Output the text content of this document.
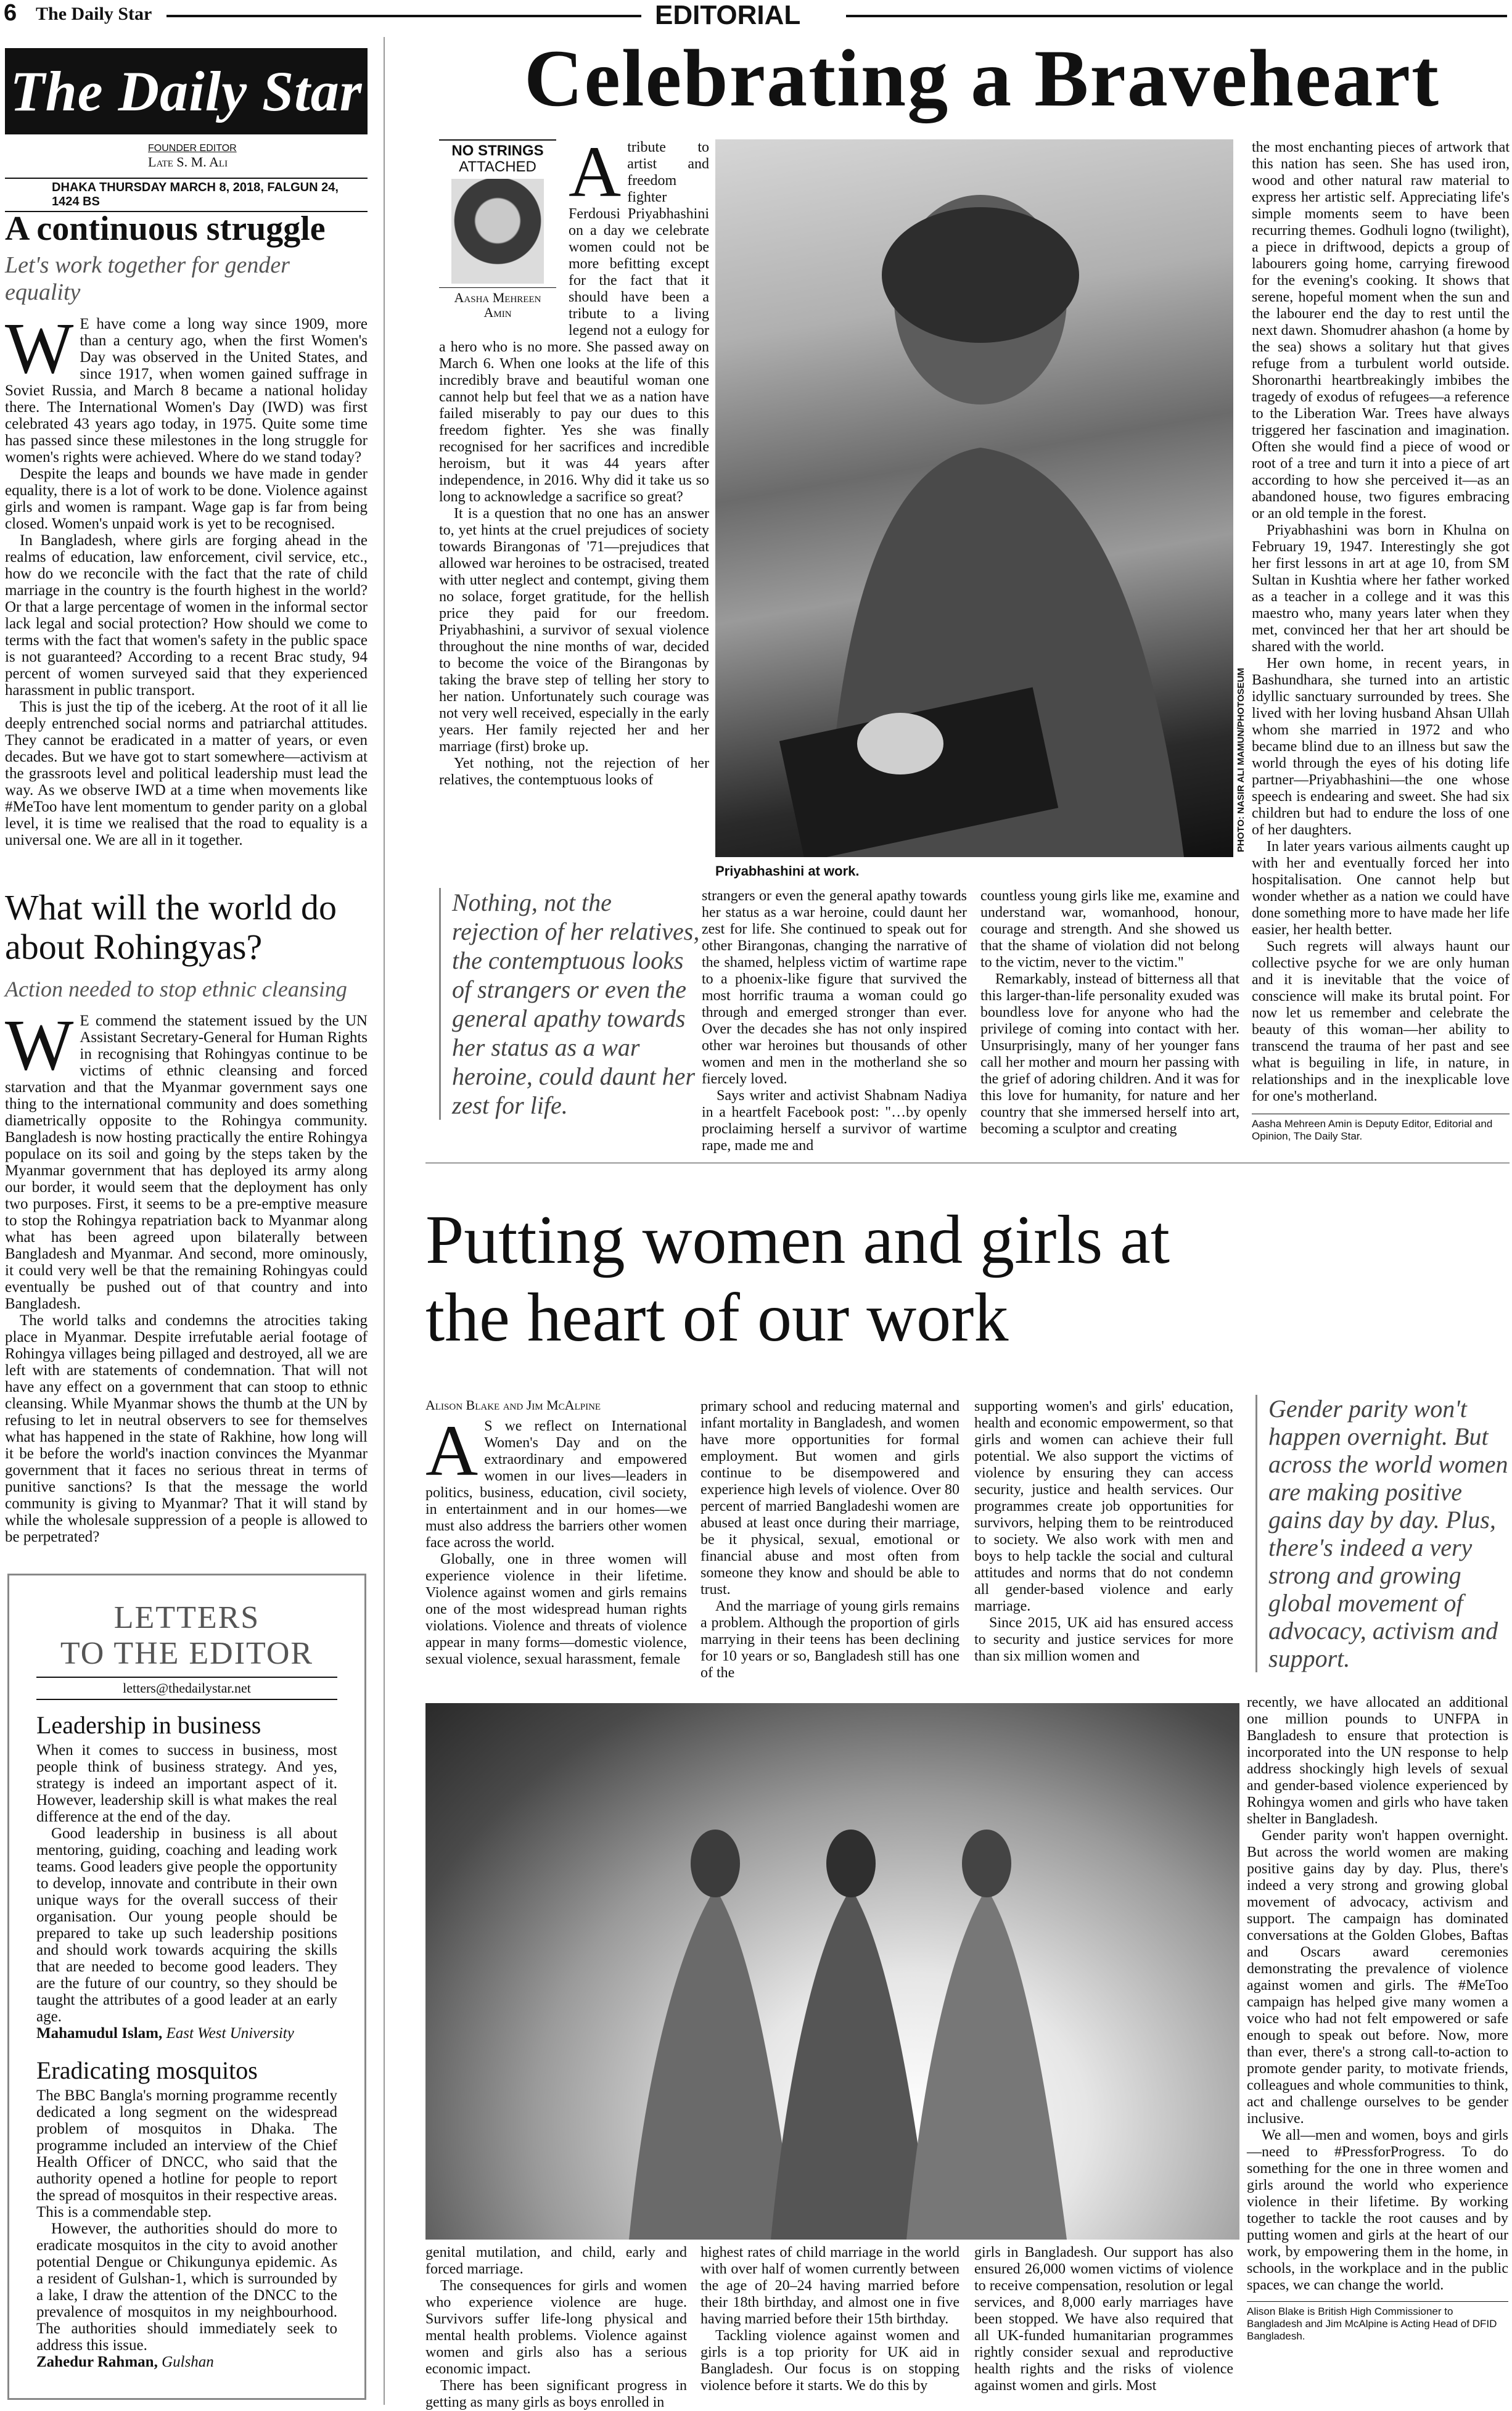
6 The Daily Star	EDITORIAL
The Daily Star
FOUNDER EDITOR
Late S. M. Ali
DHAKA THURSDAY MARCH 8, 2018, FALGUN 24, 1424 BS
A continuous struggle
Let's work together for gender equality

W E have come a long way since 1909, more than a century ago, when the first Women's Day was observed in the United States, and since 1917, when women gained suffrage in Soviet Russia, and March 8 became a national holiday there. The International Women's Day (IWD) was first celebrated 43 years ago today, in 1975. Quite some time has passed since these milestones in the long struggle for women's rights were achieved. Where do we stand today?

Despite the leaps and bounds we have made in gender equality, there is a lot of work to be done. Violence against girls and women is rampant. Wage gap is far from being closed. Women's unpaid work is yet to be recognised.

In Bangladesh, where girls are forging ahead in the realms of education, law enforcement, civil service, etc., how do we reconcile with the fact that the rate of child marriage in the country is the fourth highest in the world? Or that a large percentage of women in the informal sector lack legal and social protection? How should we come to terms with the fact that women's safety in the public space is not guaranteed? According to a recent Brac study, 94 percent of women surveyed said that they experienced harassment in public transport.

This is just the tip of the iceberg. At the root of it all lie deeply entrenched social norms and patriarchal attitudes. They cannot be eradicated in a matter of years, or even decades. But we have got to start somewhere—activism at the grassroots level and political leadership must lead the way. As we observe IWD at a time when movements like #MeToo have lent momentum to gender parity on a global level, it is time we realised that the road to equality is a universal one. We are all in it together.

What will the world do about Rohingyas?
Action needed to stop ethnic cleansing

W E commend the statement issued by the UN Assistant Secretary-General for Human Rights in recognising that Rohingyas continue to be victims of ethnic cleansing and forced starvation and that the Myanmar government says one thing to the international community and does something diametrically opposite to the Rohingya community. Bangladesh is now hosting practically the entire Rohingya populace on its soil and going by the steps taken by the Myanmar government that has deployed its army along our border, it would seem that the deployment has only two purposes. First, it seems to be a pre-emptive measure to stop the Rohingya repatriation back to Myanmar along what has been agreed upon bilaterally between Bangladesh and Myanmar. And second, more ominously, it could very well be that the remaining Rohingyas could eventually be pushed out of that country and into Bangladesh.

The world talks and condemns the atrocities taking place in Myanmar. Despite irrefutable aerial footage of Rohingya villages being pillaged and destroyed, all we are left with are statements of condemnation. That will not have any effect on a government that can stoop to ethnic cleansing. While Myanmar shows the thumb at the UN by refusing to let in neutral observers to see for themselves what has happened in the state of Rakhine, how long will it be before the world's inaction convinces the Myanmar government that it faces no serious threat in terms of punitive sanctions? Is that the message the world community is giving to Myanmar? That it will stand by while the wholesale suppression of a people is allowed to be perpetrated?

LETTERS
TO THE EDITOR
letters@thedailystar.net
Leadership in business

When it comes to success in business, most people think of business strategy. And yes, strategy is indeed an important aspect of it. However, leadership skill is what makes the real difference at the end of the day.

Good leadership in business is all about mentoring, guiding, coaching and leading work teams. Good leaders give people the opportunity to develop, innovate and contribute in their own unique ways for the overall success of their organisation. Our young people should be prepared to take up such leadership positions and should work towards acquiring the skills that are needed to become good leaders. They are the future of our country, so they should be taught the attributes of a good leader at an early age.

Mahamudul Islam, East West University

Eradicating mosquitos

The BBC Bangla's morning programme recently dedicated a long segment on the widespread problem of mosquitos in Dhaka. The programme included an interview of the Chief Health Officer of DNCC, who said that the authority opened a hotline for people to report the spread of mosquitos in their respective areas. This is a commendable step.

However, the authorities should do more to eradicate mosquitos in the city to avoid another potential Dengue or Chikungunya epidemic. As a resident of Gulshan-1, which is surrounded by a lake, I draw the attention of the DNCC to the prevalence of mosquitos in my neighbourhood. The authorities should immediately seek to address this issue.

Zahedur Rahman, Gulshan

Celebrating a Braveheart
NO STRINGS
ATTACHED
Aasha Mehreen
Amin

A tribute to artist and freedom fighter Ferdousi Priyabhashini on a day we celebrate women could not be more befitting except for the fact that it should have been a tribute to a living legend not a eulogy for a hero who is no more. She passed away on March 6. When one looks at the life of this incredibly brave and beautiful woman one cannot help but feel that we as a nation have failed miserably to pay our dues to this freedom fighter. Yes she was finally recognised for her sacrifices and incredible heroism, but it was 44 years after independence, in 2016. Why did it take us so long to acknowledge a sacrifice so great?

It is a question that no one has an answer to, yet hints at the cruel prejudices of society towards Birangonas of '71—prejudices that allowed war heroines to be ostracised, treated with utter neglect and contempt, giving them no solace, forget gratitude, for the hellish price they paid for our freedom. Priyabhashini, a survivor of sexual violence throughout the nine months of war, decided to become the voice of the Birangonas by taking the brave step of telling her story to her nation. Unfortunately such courage was not very well received, especially in the early years. Her family rejected her and her marriage (first) broke up.

Yet nothing, not the rejection of her relatives, the contemptuous looks of	PHOTO: NASIR ALI MAMUN/PHOTOSEUM
Priyabhashini at work.

the most enchanting pieces of artwork that this nation has seen. She has used iron, wood and other natural raw material to express her artistic self. Appreciating life's simple moments seem to have been recurring themes. Godhuli logno (twilight), a piece in driftwood, depicts a group of labourers going home, carrying firewood for the evening's cooking. It shows that serene, hopeful moment when the sun and the labourer end the day to rest until the next dawn. Shomudrer ahashon (a home by the sea) shows a solitary hut that gives refuge from a turbulent world outside. Shoronarthi heartbreakingly imbibes the tragedy of exodus of refugees—a reference to the Liberation War. Trees have always triggered her fascination and imagination. Often she would find a piece of wood or root of a tree and turn it into a piece of art according to how she perceived it—as an abandoned house, two figures embracing or an old temple in the forest.

Priyabhashini was born in Khulna on February 19, 1947. Interestingly she got her first lessons in art at age 10, from SM Sultan in Kushtia where her father worked as a teacher in a college and it was this maestro who, many years later when they met, convinced her that her art should be shared with the world.

Her own home, in recent years, in Bashundhara, she turned into an artistic idyllic sanctuary surrounded by trees. She lived with her loving husband Ahsan Ullah whom she married in 1972 and who became blind due to an illness but saw the world through the eyes of his doting life partner—Priyabhashini—the one whose speech is endearing and sweet. She had six children but had to endure the loss of one of her daughters.

In later years various ailments caught up with her and eventually forced her into hospitalisation. One cannot help but wonder whether as a nation we could have done something more to have made her life easier, her health better.

Such regrets will always haunt our collective psyche for we are only human and it is inevitable that the voice of conscience will make its brutal point. For now let us remember and celebrate the beauty of this woman—her ability to transcend the trauma of her past and see what is beguiling in life, in nature, in relationships and in the inexplicable love for one's motherland.

Aasha Mehreen Amin is Deputy Editor, Editorial and Opinion, The Daily Star.
Nothing, not the rejection of her relatives, the contemptuous looks of strangers or even the general apathy towards her status as a war heroine, could daunt her zest for life.

strangers or even the general apathy towards her status as a war heroine, could daunt her zest for life. She continued to speak out for other Birangonas, changing the narrative of the shamed, helpless victim of wartime rape to a phoenix-like figure that survived the most horrific trauma a woman could go through and emerged stronger than ever. Over the decades she has not only inspired other war heroines but thousands of other women and men in the motherland she so fiercely loved.

Says writer and activist Shabnam Nadiya in a heartfelt Facebook post: "…by openly proclaiming herself a survivor of wartime rape, made me and

countless young girls like me, examine and understand war, womanhood, honour, courage and strength. And she showed us that the shame of violation did not belong to the victim, never to the victim."

Remarkably, instead of bitterness all that this larger-than-life personality exuded was boundless love for anyone who had the privilege of coming into contact with her. Unsurprisingly, many of her younger fans call her mother and mourn her passing with the grief of adoring children. And it was for this love for humanity, for nature and her country that she immersed herself into art, becoming a sculptor and creating

Putting women and girls at
the heart of our work
Alison Blake and Jim McAlpine

A S we reflect on International Women's Day and on the extraordinary and empowered women in our lives—leaders in politics, business, education, civil society, in entertainment and in our homes—we must also address the barriers other women face across the world.

Globally, one in three women will experience violence in their lifetime. Violence against women and girls remains one of the most widespread human rights violations. Violence and threats of violence appear in many forms—domestic violence, sexual violence, sexual harassment, female

primary school and reducing maternal and infant mortality in Bangladesh, and women have more opportunities for formal employment. But women and girls continue to be disempowered and experience high levels of violence. Over 80 percent of married Bangladeshi women are abused at least once during their marriage, be it physical, sexual, emotional or financial abuse and most often from someone they know and should be able to trust.

And the marriage of young girls remains a problem. Although the proportion of girls marrying in their teens has been declining for 10 years or so, Bangladesh still has one of the

supporting women's and girls' education, health and economic empowerment, so that girls and women can achieve their full potential. We also support the victims of violence by ensuring they can access security, justice and health services. Our programmes create job opportunities for survivors, helping them to be reintroduced to society. We also work with men and boys to help tackle the social and cultural attitudes and norms that do not condemn all gender-based violence and early marriage.

Since 2015, UK aid has ensured access to security and justice services for more than six million women and

Gender parity won't happen overnight. But across the world women are making positive gains day by day. Plus, there's indeed a very strong and growing global movement of advocacy, activism and support.

recently, we have allocated an additional one million pounds to UNFPA in Bangladesh to ensure that protection is incorporated into the UN response to help address shockingly high levels of sexual and gender-based violence experienced by Rohingya women and girls who have taken shelter in Bangladesh.

Gender parity won't happen overnight. But across the world women are making positive gains day by day. Plus, there's indeed a very strong and growing global movement of advocacy, activism and support. The campaign has dominated conversations at the Golden Globes, Baftas and Oscars award ceremonies demonstrating the prevalence of violence against women and girls. The #MeToo campaign has helped give many women a voice who had not felt empowered or safe enough to speak out before. Now, more than ever, there's a strong call-to-action to promote gender parity, to motivate friends, colleagues and whole communities to think, act and challenge ourselves to be gender inclusive.

We all—men and women, boys and girls—need to #PressforProgress. To do something for the one in three women and girls around the world who experience violence in their lifetime. By working together to tackle the root causes and by putting women and girls at the heart of our work, by empowering them in the home, in schools, in the workplace and in the public spaces, we can change the world.

Alison Blake is British High Commissioner to Bangladesh and Jim McAlpine is Acting Head of DFID Bangladesh.

genital mutilation, and child, early and forced marriage.

The consequences for girls and women who experience violence are huge. Survivors suffer life-long physical and mental health problems. Violence against women and girls also has a serious economic impact.

There has been significant progress in getting as many girls as boys enrolled in

highest rates of child marriage in the world with over half of women currently between the age of 20–24 having married before their 18th birthday, and almost one in five having married before their 15th birthday.

Tackling violence against women and girls is a top priority for UK aid in Bangladesh. Our focus is on stopping violence before it starts. We do this by

girls in Bangladesh. Our support has also ensured 26,000 women victims of violence to receive compensation, resolution or legal services, and 8,000 early marriages have been stopped. We have also required that all UK-funded humanitarian programmes rightly consider sexual and reproductive health rights and the risks of violence against women and girls. Most
